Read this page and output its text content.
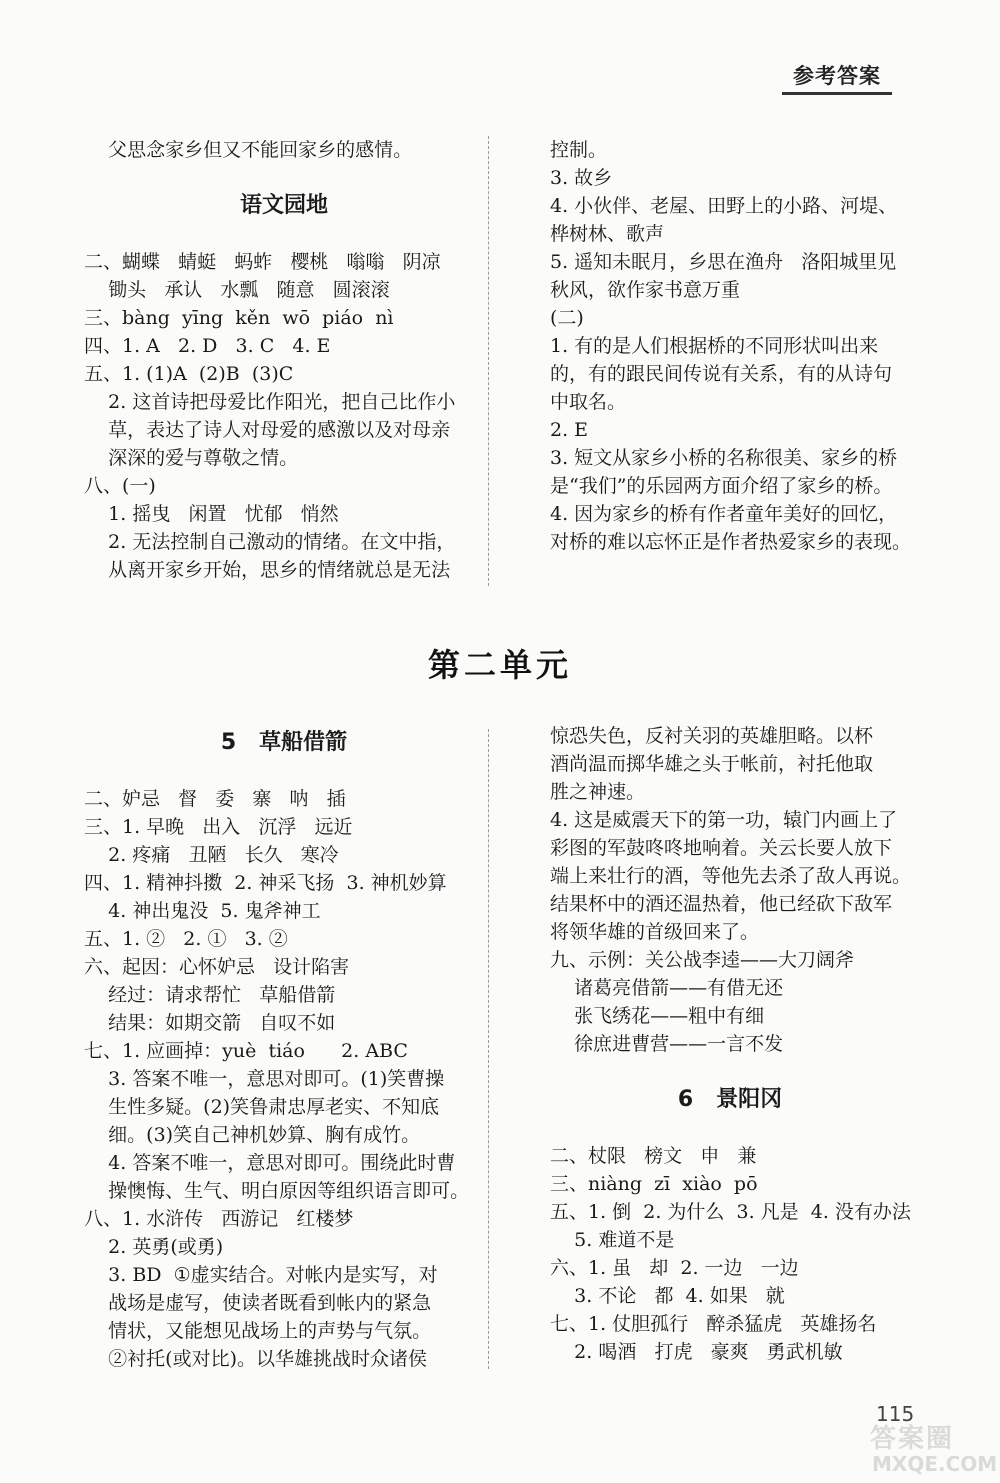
参考答案
父思念家乡但又不能回家乡的感情。
语文园地
二、蝴蝶   蜻蜓   蚂蚱   樱桃   嗡嗡   阴凉
锄头   承认   水瓢   随意   圆滚滚
三、bàng  yīng  kěn  wō  piáo  nì
四、1. A   2. D   3. C   4. E
五、1. (1)A  (2)B  (3)C
2. 这首诗把母爱比作阳光，把自己比作小
草，表达了诗人对母爱的感激以及对母亲
深深的爱与尊敬之情。
八、(一)
1. 摇曳   闲置   忧郁   悄然
2. 无法控制自己激动的情绪。在文中指，
从离开家乡开始，思乡的情绪就总是无法
控制。
3. 故乡
4. 小伙伴、老屋、田野上的小路、河堤、
桦树林、歌声
5. 遥知未眠月，乡思在渔舟   洛阳城里见
秋风，欲作家书意万重
(二)
1. 有的是人们根据桥的不同形状叫出来
的，有的跟民间传说有关系，有的从诗句
中取名。
2. E
3. 短文从家乡小桥的名称很美、家乡的桥
是“我们”的乐园两方面介绍了家乡的桥。
4. 因为家乡的桥有作者童年美好的回忆，
对桥的难以忘怀正是作者热爱家乡的表现。
第二单元
5   草船借箭
二、妒忌   督   委   寨   呐   插
三、1. 早晚   出入   沉浮   远近
2. 疼痛   丑陋   长久   寒冷
四、1. 精神抖擞  2. 神采飞扬  3. 神机妙算
4. 神出鬼没  5. 鬼斧神工
五、1. ②   2. ①   3. ②
六、起因：心怀妒忌   设计陷害
经过：请求帮忙   草船借箭
结果：如期交箭   自叹不如
七、1. 应画掉：yuè  tiáo      2. ABC
3. 答案不唯一，意思对即可。(1)笑曹操
生性多疑。(2)笑鲁肃忠厚老实、不知底
细。(3)笑自己神机妙算、胸有成竹。
4. 答案不唯一，意思对即可。围绕此时曹
操懊悔、生气、明白原因等组织语言即可。
八、1. 水浒传   西游记   红楼梦
2. 英勇(或勇)
3. BD  ①虚实结合。对帐内是实写，对
战场是虚写，使读者既看到帐内的紧急
情状，又能想见战场上的声势与气氛。
②衬托(或对比)。以华雄挑战时众诸侯
惊恐失色，反衬关羽的英雄胆略。以杯
酒尚温而掷华雄之头于帐前，衬托他取
胜之神速。
4. 这是威震天下的第一功，辕门内画上了
彩图的军鼓咚咚地响着。关云长要人放下
端上来壮行的酒，等他先去杀了敌人再说。
结果杯中的酒还温热着，他已经砍下敌军
将领华雄的首级回来了。
九、示例：关公战李逵——大刀阔斧
诸葛亮借箭——有借无还
张飞绣花——粗中有细
徐庶进曹营——一言不发
6   景阳冈
二、杖限   榜文   申   兼
三、niàng  zī  xiào  pō
五、1. 倒  2. 为什么  3. 凡是  4. 没有办法
5. 难道不是
六、1. 虽   却  2. 一边   一边
3. 不论   都  4. 如果   就
七、1. 仗胆孤行   醉杀猛虎   英雄扬名
2. 喝酒   打虎   豪爽   勇武机敏
115
答案圈
MXQE.COM
